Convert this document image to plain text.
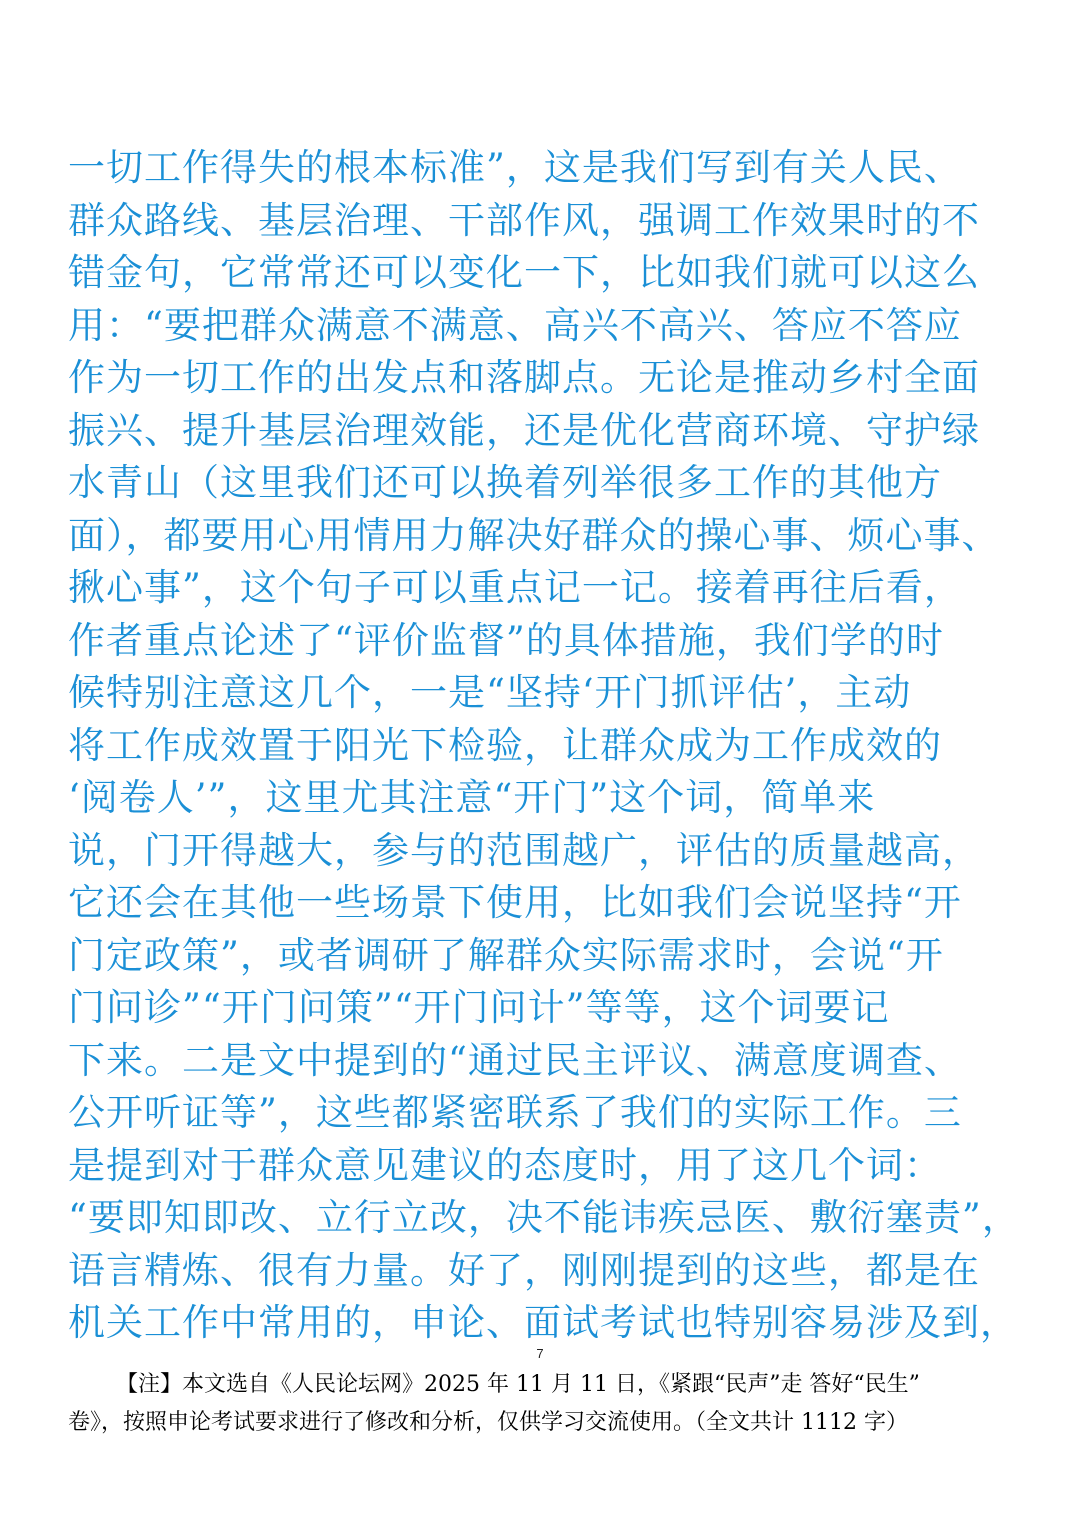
一切工作得失的根本标准”，这是我们写到有关人民、
群众路线、基层治理、干部作风，强调工作效果时的不
错金句，它常常还可以变化一下，比如我们就可以这么
用：“要把群众满意不满意、高兴不高兴、答应不答应
作为一切工作的出发点和落脚点。无论是推动乡村全面
振兴、提升基层治理效能，还是优化营商环境、守护绿
水青山（这里我们还可以换着列举很多工作的其他方
面），都要用心用情用力解决好群众的操心事、烦心事、
揪心事”，这个句子可以重点记一记。接着再往后看，
作者重点论述了“评价监督”的具体措施，我们学的时
候特别注意这几个，一是“坚持‘开门抓评估’，主动
将工作成效置于阳光下检验，让群众成为工作成效的
‘阅卷人’”，这里尤其注意“开门”这个词，简单来
说，门开得越大，参与的范围越广，评估的质量越高，
它还会在其他一些场景下使用，比如我们会说坚持“开
门定政策”，或者调研了解群众实际需求时，会说“开
门问诊”“开门问策”“开门问计”等等，这个词要记
下来。二是文中提到的“通过民主评议、满意度调查、
公开听证等”，这些都紧密联系了我们的实际工作。三
是提到对于群众意见建议的态度时，用了这几个词：
“要即知即改、立行立改，决不能讳疾忌医、敷衍塞责”，
语言精炼、很有力量。好了，刚刚提到的这些，都是在
机关工作中常用的，申论、面试考试也特别容易涉及到，
7
【注】本文选自《人民论坛网》2025 年 11 月 11 日，《紧跟“民声”走 答好“民生”
卷》，按照申论考试要求进行了修改和分析，仅供学习交流使用。（全文共计 1112 字）
